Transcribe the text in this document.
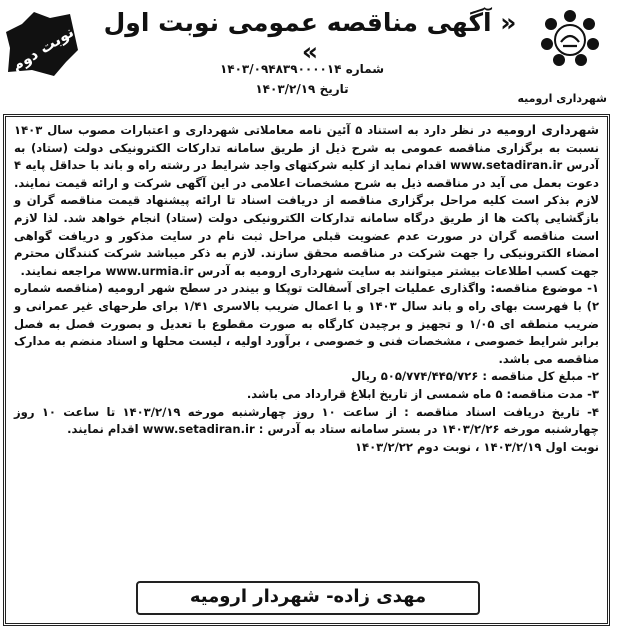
شهرداری ارومیه
« آگهی مناقصه عمومی نوبت اول »
شماره ۱۴۰۳/۰۹۴۸۳۹۰۰۰۰۱۴
تاریخ ۱۴۰۳/۲/۱۹
نوبت دوم

شهرداری ارومیه در نظر دارد به استناد ۵ آئین نامه معاملاتی شهرداری و اعتبارات مصوب سال ۱۴۰۳ نسبت به برگزاری مناقصه عمومی به شرح ذیل از طریق سامانه تدارکات الکترونیکی دولت (ستاد) به آدرس www.setadiran.ir اقدام نماید از کلیه شرکتهای واجد شرایط در رشته راه و باند با حداقل پایه ۴ دعوت بعمل می آید در مناقصه ذیل به شرح مشخصات اعلامی در این آگهی شرکت و ارائه قیمت نمایند. لازم بذکر است کلیه مراحل برگزاری مناقصه از دریافت اسناد تا ارائه پیشنهاد قیمت مناقصه گران و بازگشایی پاکت ها از طریق درگاه سامانه تدارکات الکترونیکی دولت (ستاد) انجام خواهد شد. لذا لازم است مناقصه گران در صورت عدم عضویت قبلی مراحل ثبت نام در سایت مذکور و دریافت گواهی امضاء الکترونیکی را جهت شرکت در مناقصه محقق سازند. لازم به ذکر میباشد شرکت کنندگان محترم جهت کسب اطلاعات بیشتر میتوانند به سایت شهرداری ارومیه به آدرس www.urmia.ir مراجعه نمایند.

۱- موضوع مناقصه: واگذاری عملیات اجرای آسفالت توپکا و بیندر در سطح شهر ارومیه (مناقصه شماره ۲) با فهرست بهای راه و باند سال ۱۴۰۳ و با اعمال ضریب بالاسری ۱/۴۱ برای طرحهای غیر عمرانی و ضریب منطقه ای ۱/۰۵ و تجهیز و برچیدن کارگاه به صورت مقطوع با تعدیل و بصورت فصل به فصل برابر شرایط خصوصی ، مشخصات فنی و خصوصی ، برآورد اولیه ، لیست محلها و اسناد منضم به مدارک مناقصه می باشد.

۲- مبلغ کل مناقصه : ۵۰۵/۷۷۴/۴۴۵/۷۲۶ ریال

۳- مدت مناقصه: ۵ ماه شمسی از تاریخ ابلاغ قرارداد می باشد.

۴- تاریخ دریافت اسناد مناقصه : از ساعت ۱۰ روز چهارشنبه مورخه ۱۴۰۳/۲/۱۹ تا ساعت ۱۰ روز چهارشنبه مورخه ۱۴۰۳/۲/۲۶ در بستر سامانه ستاد به آدرس : www.setadiran.ir اقدام نمایند.

نوبت اول ۱۴۰۳/۲/۱۹ ، نوبت دوم ۱۴۰۳/۲/۲۲

مهدی زاده- شهردار ارومیه
